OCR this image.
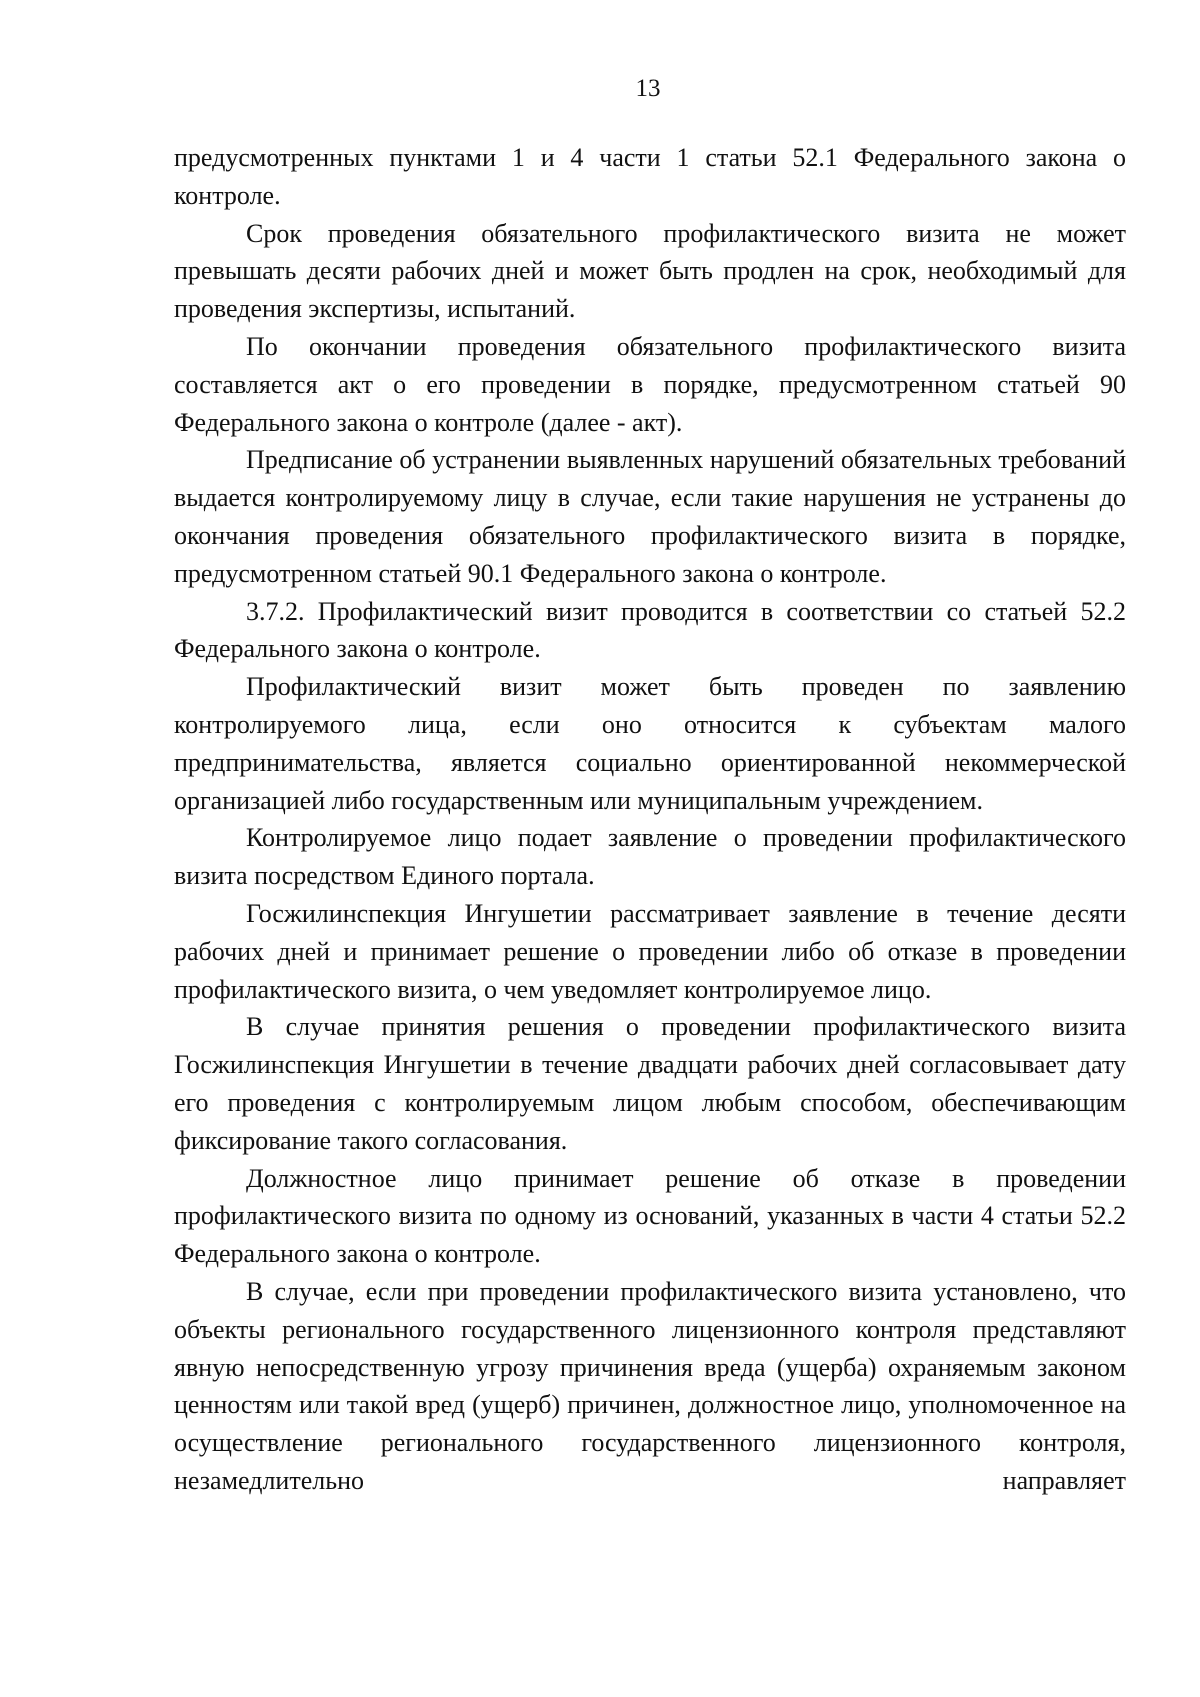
13

предусмотренных пунктами 1 и 4 части 1 статьи 52.1 Федерального закона о контроле.

Срок проведения обязательного профилактического визита не может превышать десяти рабочих дней и может быть продлен на срок, необходимый для проведения экспертизы, испытаний.

По окончании проведения обязательного профилактического визита составляется акт о его проведении в порядке, предусмотренном статьей 90 Федерального закона о контроле (далее - акт).

Предписание об устранении выявленных нарушений обязательных требований выдается контролируемому лицу в случае, если такие нарушения не устранены до окончания проведения обязательного профилактического визита в порядке, предусмотренном статьей 90.1 Федерального закона о контроле.

3.7.2. Профилактический визит проводится в соответствии со статьей 52.2 Федерального закона о контроле.

Профилактический визит может быть проведен по заявлению контролируемого лица, если оно относится к субъектам малого предпринимательства, является социально ориентированной некоммерческой организацией либо государственным или муниципальным учреждением.

Контролируемое лицо подает заявление о проведении профилактического визита посредством Единого портала.

Госжилинспекция Ингушетии рассматривает заявление в течение десяти рабочих дней и принимает решение о проведении либо об отказе в проведении профилактического визита, о чем уведомляет контролируемое лицо.

В случае принятия решения о проведении профилактического визита Госжилинспекция Ингушетии в течение двадцати рабочих дней согласовывает дату его проведения с контролируемым лицом любым способом, обеспечивающим фиксирование такого согласования.

Должностное лицо принимает решение об отказе в проведении профилактического визита по одному из оснований, указанных в части 4 статьи 52.2 Федерального закона о контроле.

В случае, если при проведении профилактического визита установлено, что объекты регионального государственного лицензионного контроля представляют явную непосредственную угрозу причинения вреда (ущерба) охраняемым законом ценностям или такой вред (ущерб) причинен, должностное лицо, уполномоченное на осуществление регионального государственного лицензионного контроля, незамедлительно направляет
